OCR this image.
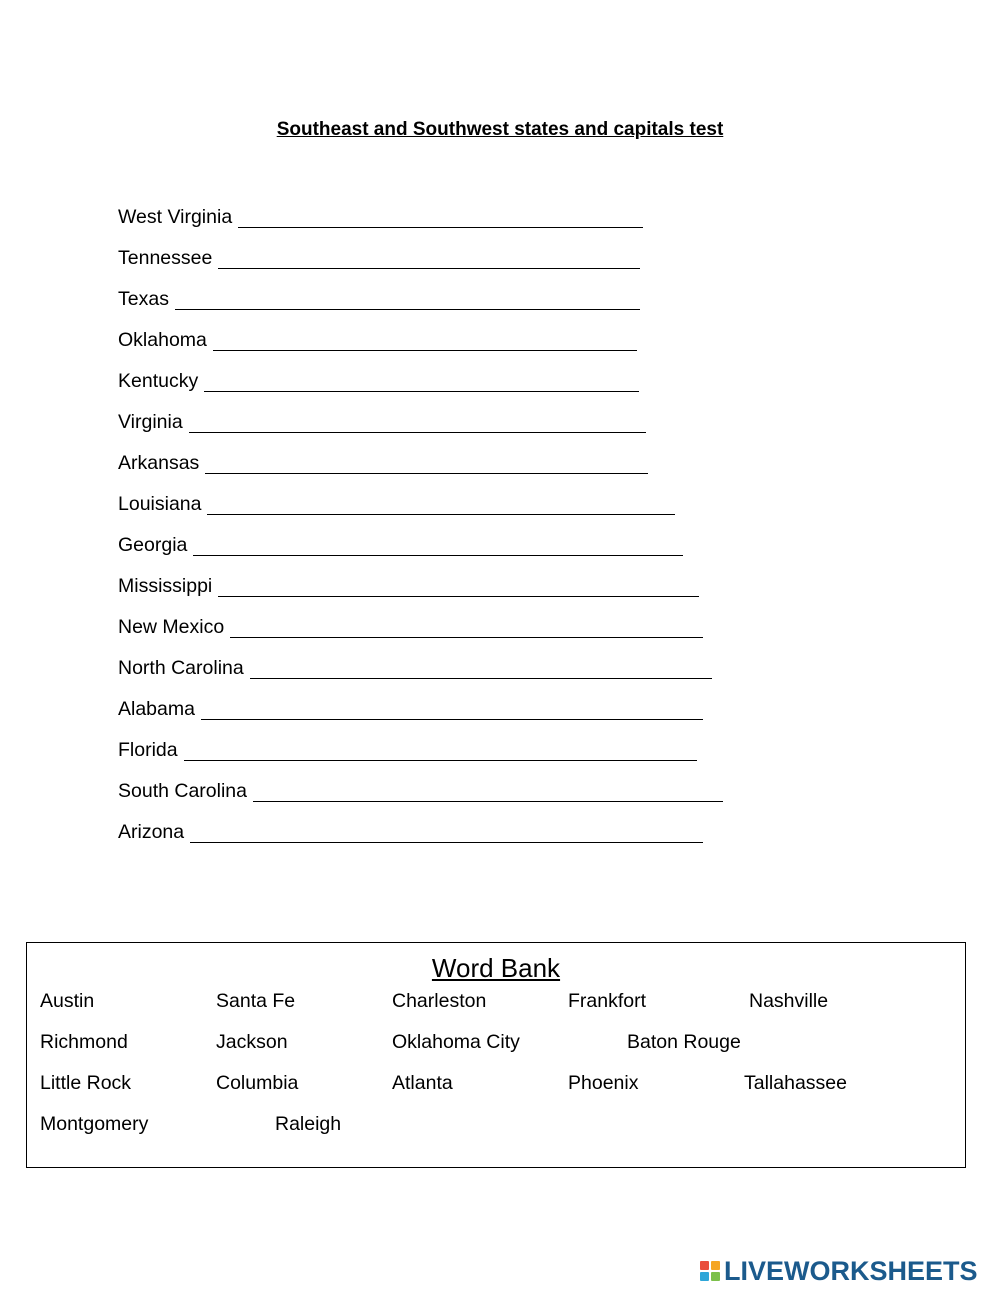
Southeast and Southwest states and capitals test
West Virginia
Tennessee
Texas
Oklahoma
Kentucky
Virginia
Arkansas
Louisiana
Georgia
Mississippi
New Mexico
North Carolina
Alabama
Florida
South Carolina
Arizona
Word Bank
Austin	Santa Fe	Charleston	Frankfort	Nashville
Richmond	Jackson	Oklahoma City	Baton Rouge
Little Rock	Columbia	Atlanta	Phoenix	Tallahassee
Montgomery	Raleigh
LIVEWORKSHEETS
